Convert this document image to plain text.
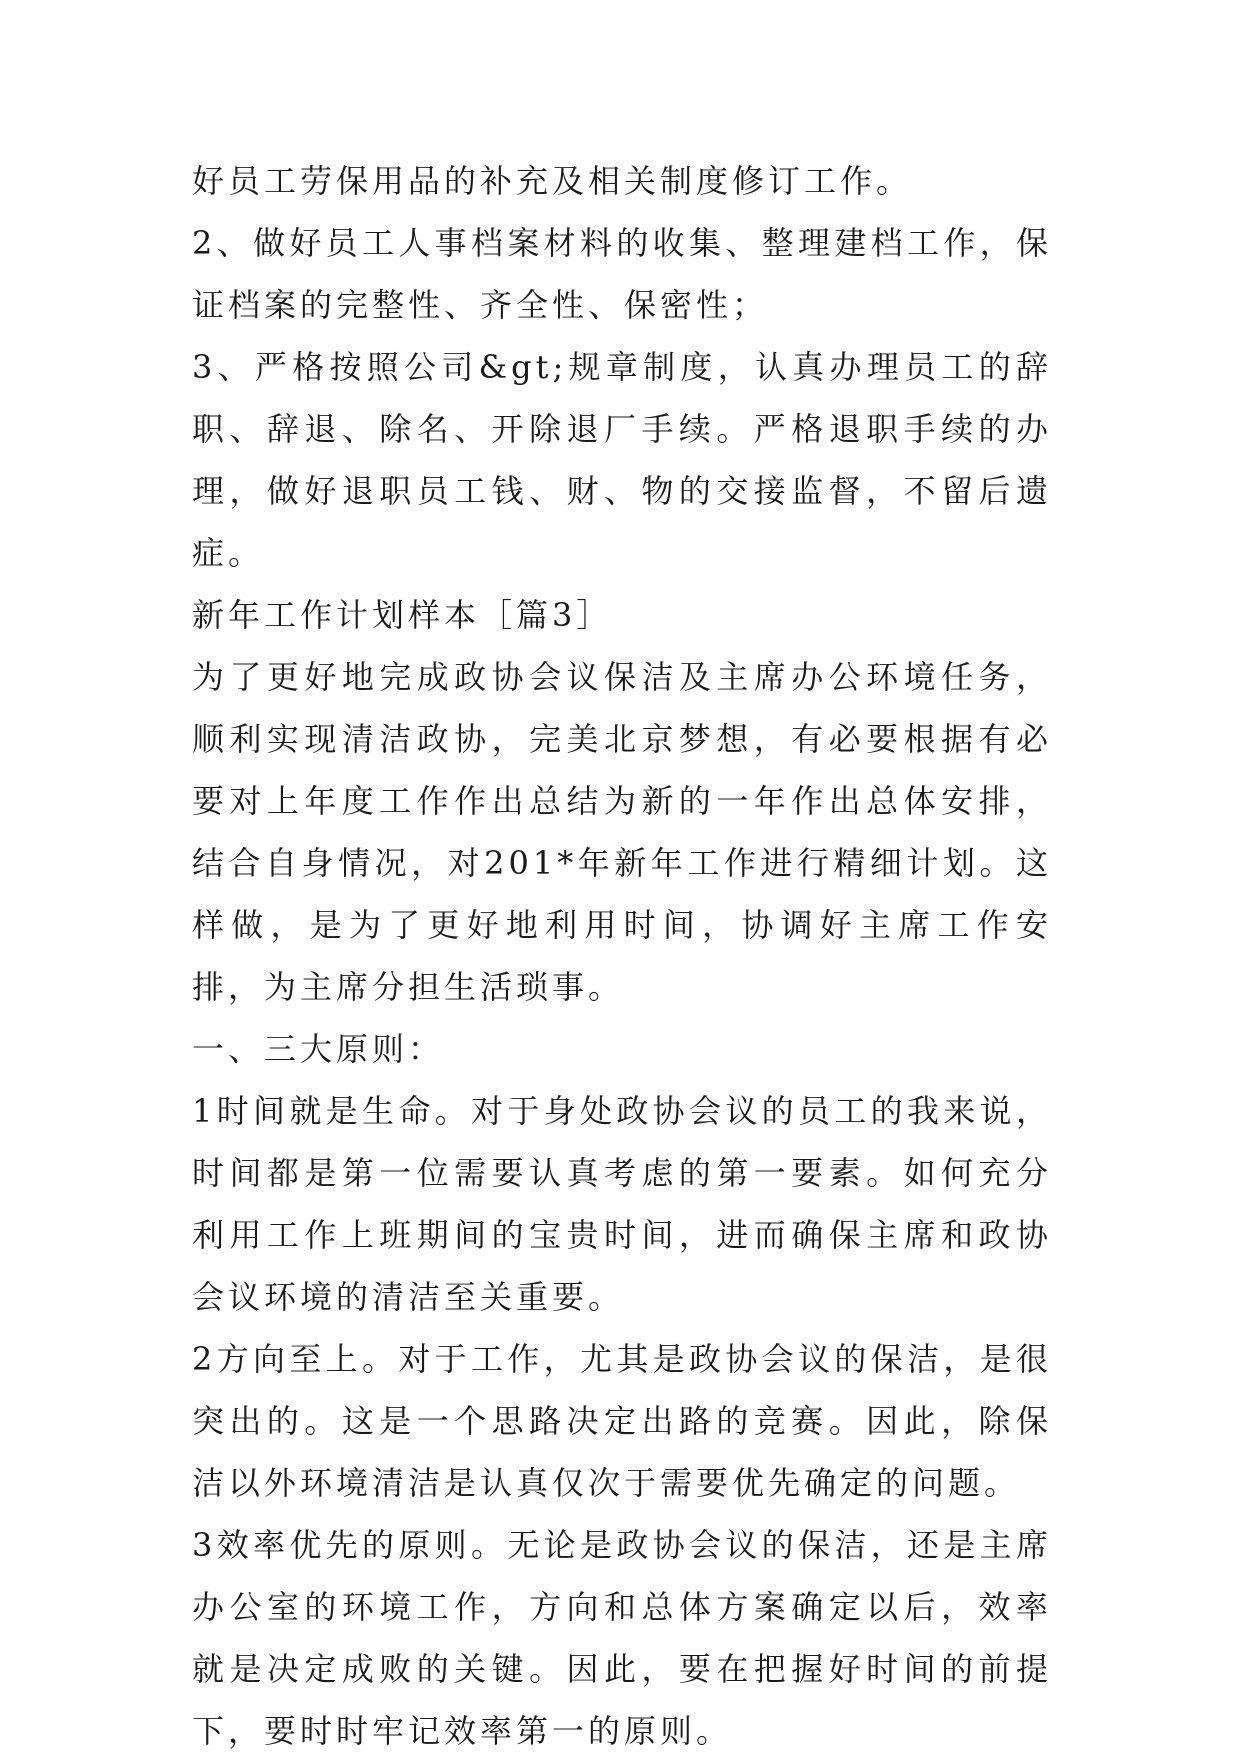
好员工劳保用品的补充及相关制度修订工作。

2、做好员工人事档案材料的收集、整理建档工作，保证档案的完整性、齐全性、保密性；

3、严格按照公司&gt;规章制度，认真办理员工的辞职、辞退、除名、开除退厂手续。严格退职手续的办理，做好退职员工钱、财、物的交接监督，不留后遗症。

新年工作计划样本［篇3］

为了更好地完成政协会议保洁及主席办公环境任务，顺利实现清洁政协，完美北京梦想，有必要根据有必要对上年度工作作出总结为新的一年作出总体安排，结合自身情况，对201*年新年工作进行精细计划。这样做，是为了更好地利用时间，协调好主席工作安排，为主席分担生活琐事。

一、三大原则：

1时间就是生命。对于身处政协会议的员工的我来说，时间都是第一位需要认真考虑的第一要素。如何充分利用工作上班期间的宝贵时间，进而确保主席和政协会议环境的清洁至关重要。

2方向至上。对于工作，尤其是政协会议的保洁，是很突出的。这是一个思路决定出路的竞赛。因此，除保洁以外环境清洁是认真仅次于需要优先确定的问题。

3效率优先的原则。无论是政协会议的保洁，还是主席办公室的环境工作，方向和总体方案确定以后，效率就是决定成败的关键。因此，要在把握好时间的前提下，要时时牢记效率第一的原则。
